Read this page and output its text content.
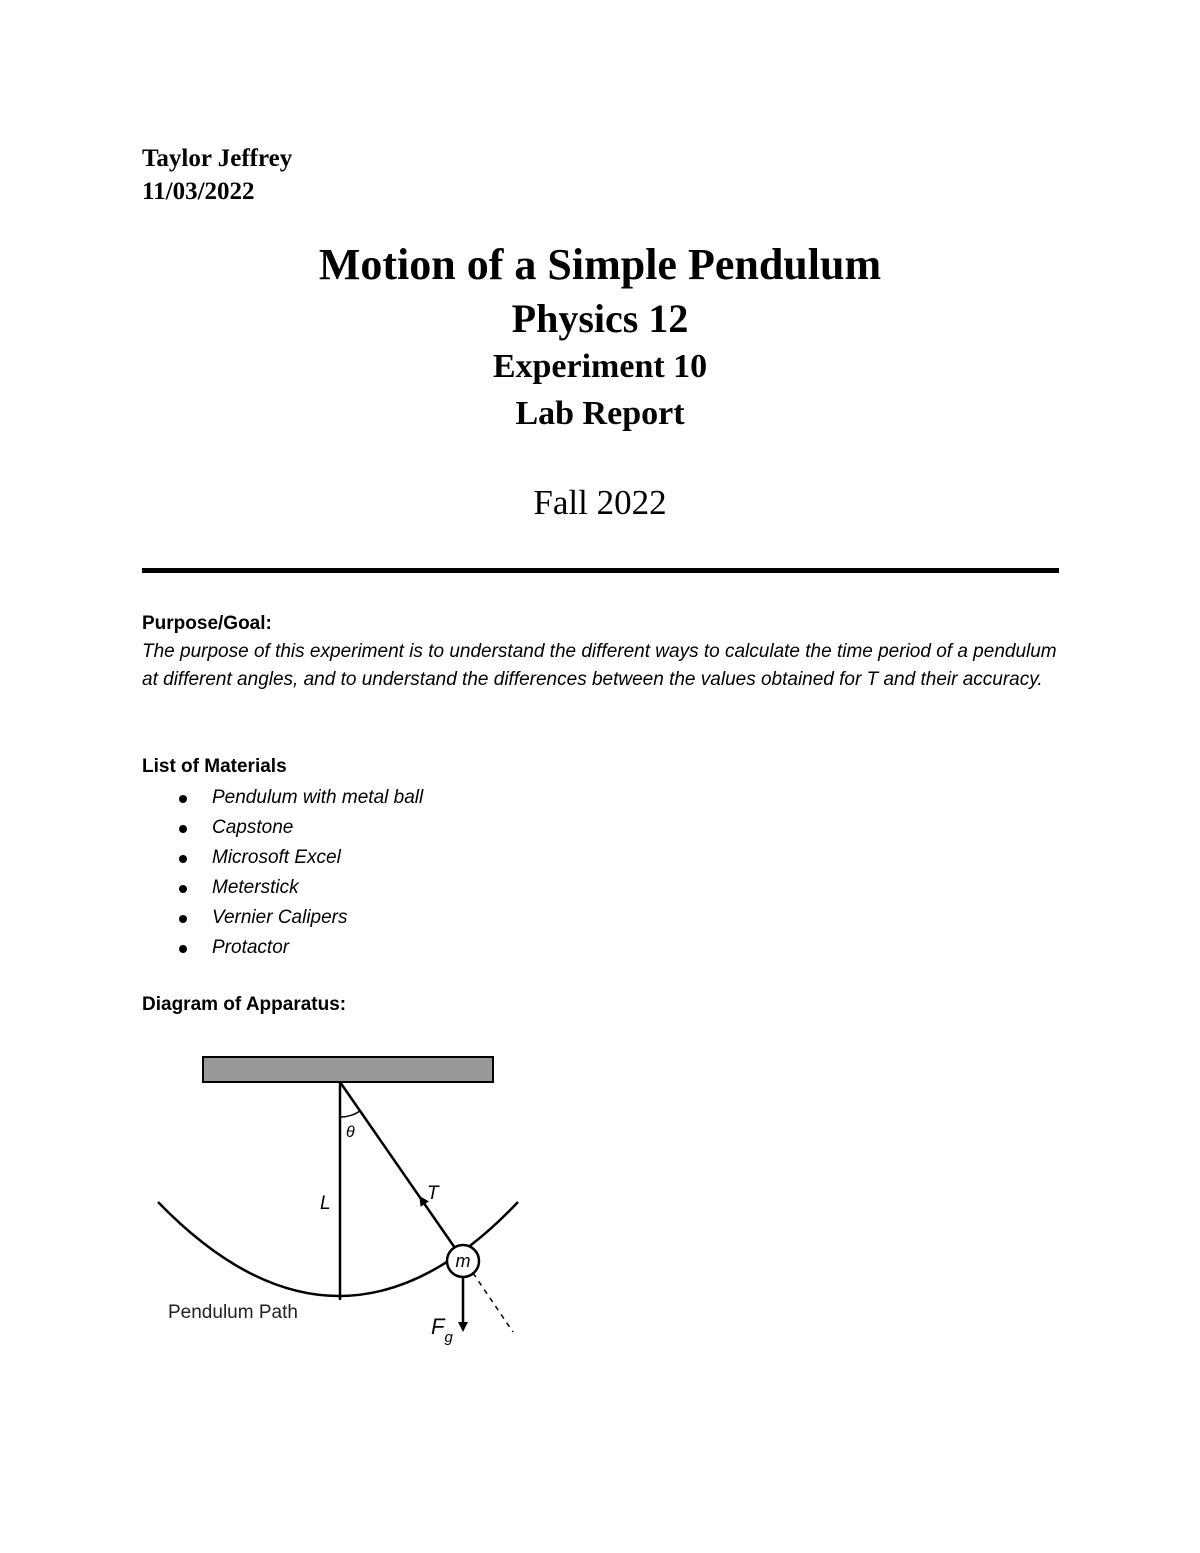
Taylor Jeffrey
11/03/2022
Motion of a Simple Pendulum
Physics 12
Experiment 10
Lab Report
Fall 2022
Purpose/Goal:
The purpose of this experiment is to understand the different ways to calculate the time period of a pendulum at different angles, and to understand the differences between the values obtained for T and their accuracy.
List of Materials
Pendulum with metal ball
Capstone
Microsoft Excel
Meterstick
Vernier Calipers
Protactor
Diagram of Apparatus:
θ
L	T
m
$F_g$
Pendulum Path
